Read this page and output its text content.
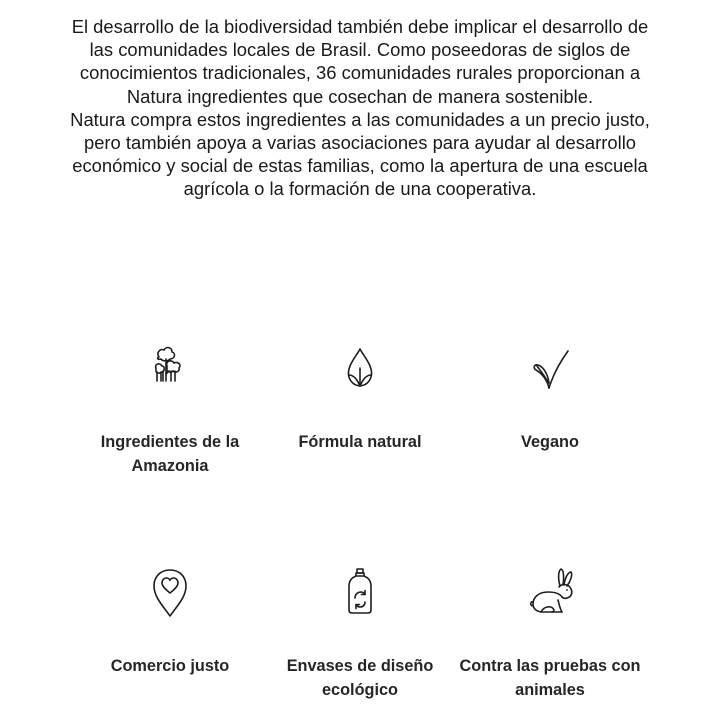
El desarrollo de la biodiversidad también debe implicar el desarrollo de las comunidades locales de Brasil. Como poseedoras de siglos de conocimientos tradicionales, 36 comunidades rurales proporcionan a Natura ingredientes que cosechan de manera sostenible.

Natura compra estos ingredientes a las comunidades a un precio justo, pero también apoya a varias asociaciones para ayudar al desarrollo económico y social de estas familias, como la apertura de una escuela agrícola o la formación de una cooperativa.

Ingredientes de la Amazonia
Fórmula natural	Vegano
Comercio justo	Envases de diseño ecológico
Contra las pruebas con animales
